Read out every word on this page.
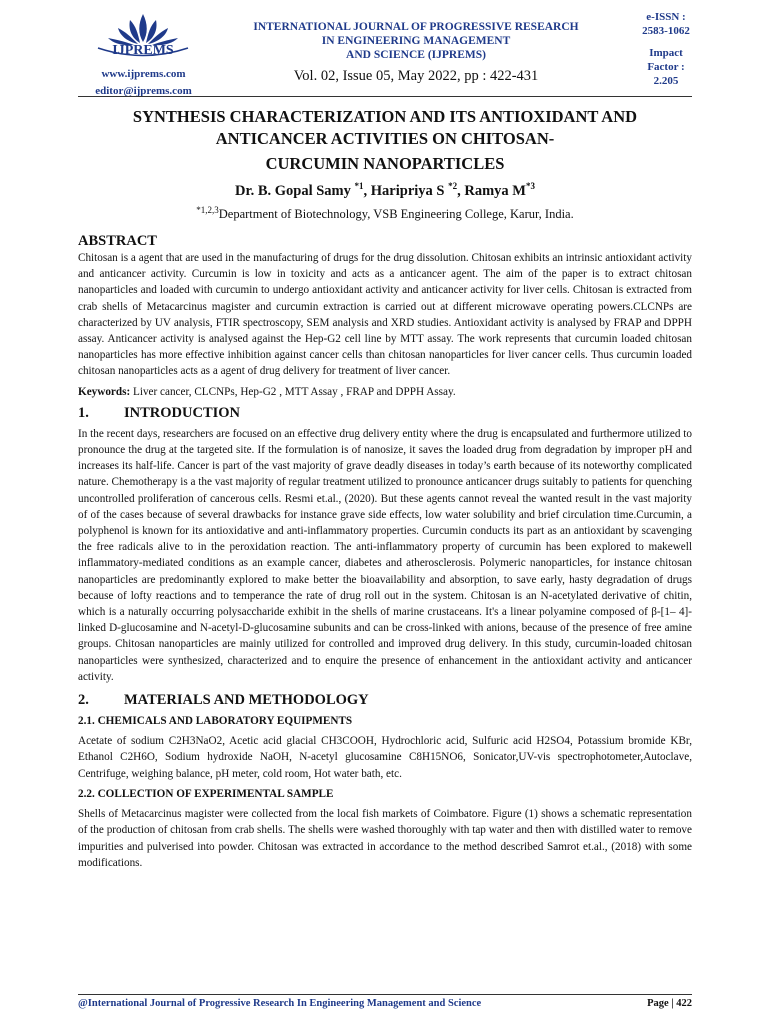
IJPREMS
www.ijprems.com
editor@ijprems.com
INTERNATIONAL JOURNAL OF PROGRESSIVE RESEARCH
IN ENGINEERING MANAGEMENT
AND SCIENCE (IJPREMS)
Vol. 02, Issue 05, May 2022, pp : 422-431
e-ISSN :
2583-1062
Impact
Factor :
2.205
SYNTHESIS CHARACTERIZATION AND ITS ANTIOXIDANT AND
ANTICANCER ACTIVITIES ON CHITOSAN-
CURCUMIN NANOPARTICLES
Dr. B. Gopal Samy $^{*1}$, Haripriya S $^{*2}$, Ramya $M^{*3}$
$^{*1,2,3}$Department of Biotechnology, VSB Engineering College, Karur, India.
ABSTRACT

Chitosan is a agent that are used in the manufacturing of drugs for the drug dissolution. Chitosan exhibits an intrinsic antioxidant activity and anticancer activity. Curcumin is low in toxicity and acts as a anticancer agent. The aim of the paper is to extract chitosan nanoparticles and loaded with curcumin to undergo antioxidant activity and anticancer activity for liver cells. Chitosan is extracted from crab shells of Metacarcinus magister and curcumin extraction is carried out at different microwave operating powers.CLCNPs are characterized by UV analysis, FTIR spectroscopy, SEM analysis and XRD studies. Antioxidant activity is analysed by FRAP and DPPH assay. Anticancer activity is analysed against the Hep-G2 cell line by MTT assay. The work represents that curcumin loaded chitosan nanoparticles has more effective inhibition against cancer cells than chitosan nanoparticles for liver cancer cells. Thus curcumin loaded chitosan nanoparticles acts as a agent of drug delivery for treatment of liver cancer.

Keywords: Liver cancer, CLCNPs, Hep-G2 , MTT Assay , FRAP and DPPH Assay.

1. INTRODUCTION

In the recent days, researchers are focused on an effective drug delivery entity where the drug is encapsulated and furthermore utilized to pronounce the drug at the targeted site. If the formulation is of nanosize, it saves the loaded drug from degradation by improper pH and increases its half-life. Cancer is part of the vast majority of grave deadly diseases in today’s earth because of its noteworthy complicated nature. Chemotherapy is a the vast majority of regular treatment utilized to pronounce anticancer drugs suitably to patients for quenching uncontrolled proliferation of cancerous cells. Resmi et.al., (2020). But these agents cannot reveal the wanted result in the vast majority of of the cases because of several drawbacks for instance grave side effects, low water solubility and brief circulation time.Curcumin, a polyphenol is known for its antioxidative and anti-inflammatory properties. Curcumin conducts its part as an antioxidant by scavenging the free radicals alive to in the peroxidation reaction. The anti-inflammatory property of curcumin has been explored to makewell inflammatory-mediated conditions as an example cancer, diabetes and atherosclerosis. Polymeric nanoparticles, for instance chitosan nanoparticles are predominantly explored to make better the bioavailability and absorption, to save early, hasty degradation of drugs because of lofty reactions and to temperance the rate of drug roll out in the system. Chitosan is an N-acetylated derivative of chitin, which is a naturally occurring polysaccharide exhibit in the shells of marine crustaceans. It's a linear polyamine composed of β-[1– 4]-linked D-glucosamine and N-acetyl-D-glucosamine subunits and can be cross-linked with anions, because of the presence of free amine groups. Chitosan nanoparticles are mainly utilized for controlled and improved drug delivery. In this study, curcumin-loaded chitosan nanoparticles were synthesized, characterized and to enquire the presence of enhancement in the antioxidant activity and anticancer activity.

2. MATERIALS AND METHODOLOGY
2.1. CHEMICALS AND LABORATORY EQUIPMENTS

Acetate of sodium C2H3NaO2, Acetic acid glacial CH3COOH, Hydrochloric acid, Sulfuric acid H2SO4, Potassium bromide KBr, Ethanol C2H6O, Sodium hydroxide NaOH, N-acetyl glucosamine C8H15NO6, Sonicator,UV-vis spectrophotometer,Autoclave, Centrifuge, weighing balance, pH meter, cold room, Hot water bath, etc.

2.2. COLLECTION OF EXPERIMENTAL SAMPLE

Shells of Metacarcinus magister were collected from the local fish markets of Coimbatore. Figure (1) shows a schematic representation of the production of chitosan from crab shells. The shells were washed thoroughly with tap water and then with distilled water to remove impurities and pulverised into powder. Chitosan was extracted in accordance to the method described Samrot et.al., (2018) with some modifications.

@International Journal of Progressive Research In Engineering Management and Science	Page | 422
